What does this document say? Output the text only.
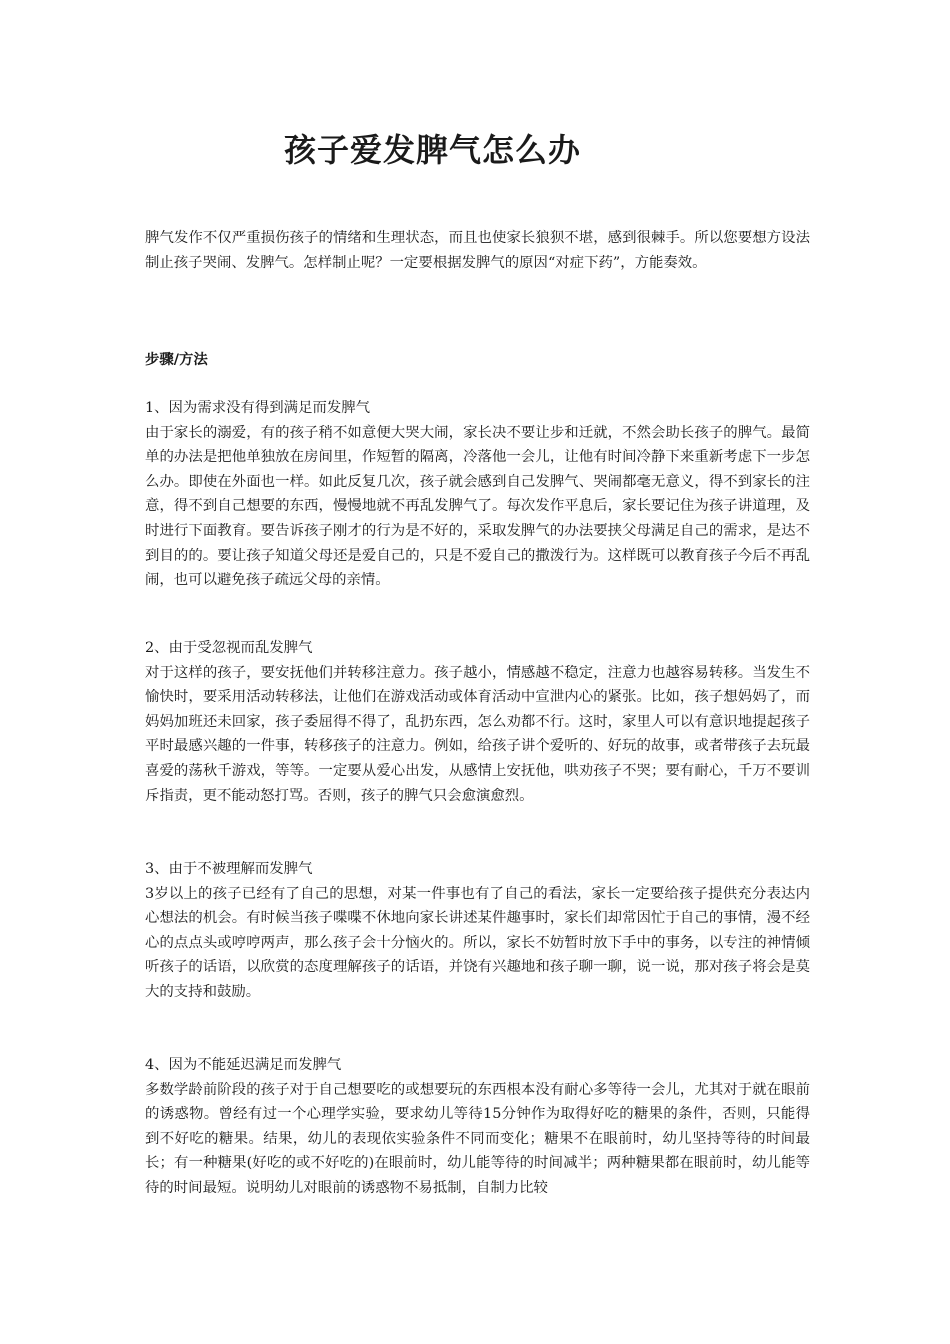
孩子爱发脾气怎么办

脾气发作不仅严重损伤孩子的情绪和生理状态，而且也使家长狼狈不堪，感到很棘手。所以您要想方设法制止孩子哭闹、发脾气。怎样制止呢？一定要根据发脾气的原因“对症下药”，方能奏效。

步骤/方法

1、因为需求没有得到满足而发脾气

由于家长的溺爱，有的孩子稍不如意便大哭大闹，家长决不要让步和迁就，不然会助长孩子的脾气。最简单的办法是把他单独放在房间里，作短暂的隔离，冷落他一会儿，让他有时间冷静下来重新考虑下一步怎么办。即使在外面也一样。如此反复几次，孩子就会感到自己发脾气、哭闹都毫无意义，得不到家长的注意，得不到自己想要的东西，慢慢地就不再乱发脾气了。每次发作平息后，家长要记住为孩子讲道理，及时进行下面教育。要告诉孩子刚才的行为是不好的，采取发脾气的办法要挟父母满足自己的需求，是达不到目的的。要让孩子知道父母还是爱自己的，只是不爱自己的撒泼行为。这样既可以教育孩子今后不再乱闹，也可以避免孩子疏远父母的亲情。

2、由于受忽视而乱发脾气

对于这样的孩子，要安抚他们并转移注意力。孩子越小，情感越不稳定，注意力也越容易转移。当发生不愉快时，要采用活动转移法，让他们在游戏活动或体育活动中宣泄内心的紧张。比如，孩子想妈妈了，而妈妈加班还未回家，孩子委屈得不得了，乱扔东西，怎么劝都不行。这时，家里人可以有意识地提起孩子平时最感兴趣的一件事，转移孩子的注意力。例如，给孩子讲个爱听的、好玩的故事，或者带孩子去玩最喜爱的荡秋千游戏，等等。一定要从爱心出发，从感情上安抚他，哄劝孩子不哭；要有耐心，千万不要训斥指责，更不能动怒打骂。否则，孩子的脾气只会愈演愈烈。

3、由于不被理解而发脾气

3岁以上的孩子已经有了自己的思想，对某一件事也有了自己的看法，家长一定要给孩子提供充分表达内心想法的机会。有时候当孩子喋喋不休地向家长讲述某件趣事时，家长们却常因忙于自己的事情，漫不经心的点点头或哼哼两声，那么孩子会十分恼火的。所以，家长不妨暂时放下手中的事务，以专注的神情倾听孩子的话语，以欣赏的态度理解孩子的话语，并饶有兴趣地和孩子聊一聊，说一说，那对孩子将会是莫大的支持和鼓励。

4、因为不能延迟满足而发脾气

多数学龄前阶段的孩子对于自己想要吃的或想要玩的东西根本没有耐心多等待一会儿，尤其对于就在眼前的诱惑物。曾经有过一个心理学实验，要求幼儿等待15分钟作为取得好吃的糖果的条件，否则，只能得到不好吃的糖果。结果，幼儿的表现依实验条件不同而变化；糖果不在眼前时，幼儿坚持等待的时间最长；有一种糖果(好吃的或不好吃的)在眼前时，幼儿能等待的时间减半；两种糖果都在眼前时，幼儿能等待的时间最短。说明幼儿对眼前的诱惑物不易抵制，自制力比较
